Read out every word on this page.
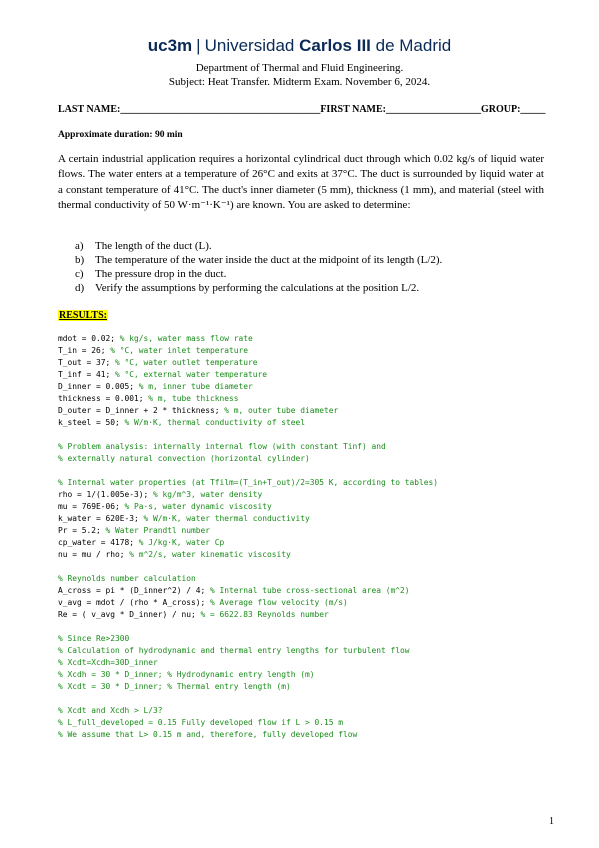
uc3m | Universidad Carlos III de Madrid
Department of Thermal and Fluid Engineering.
Subject: Heat Transfer. Midterm Exam. November 6, 2024.
LAST NAME:________________________________________FIRST NAME:___________________GROUP:_____
Approximate duration: 90 min

A certain industrial application requires a horizontal cylindrical duct through which 0.02 kg/s of liquid water flows. The water enters at a temperature of 26°C and exits at 37°C. The duct is surrounded by liquid water at a constant temperature of 41°C. The duct's inner diameter (5 mm), thickness (1 mm), and material (steel with thermal conductivity of 50 W·m⁻¹·K⁻¹) are known. You are asked to determine:

a)	The length of the duct (L).
b) The temperature of the water inside the duct at the midpoint of its length (L/2).
c)	The pressure drop in the duct.
d) Verify the assumptions by performing the calculations at the position L/2.
RESULTS:
mdot = 0.02; % kg/s, water mass flow rate
T_in = 26; % °C, water inlet temperature
T_out = 37; % °C, water outlet temperature
T_inf = 41; % °C, external water temperature
D_inner = 0.005; % m, inner tube diameter
thickness = 0.001; % m, tube thickness
D_outer = D_inner + 2 * thickness; % m, outer tube diameter
k_steel = 50; % W/m·K, thermal conductivity of steel
% Problem analysis: internally internal flow (with constant Tinf) and
% externally natural convection (horizontal cylinder)
% Internal water properties (at Tfilm=(T_in+T_out)/2=305 K, according to tables)
rho = 1/(1.005e-3); % kg/m^3, water density
mu = 769E-06; % Pa·s, water dynamic viscosity
k_water = 620E-3; % W/m·K, water thermal conductivity
Pr = 5.2; % Water Prandtl number
cp_water = 4178; % J/kg·K, water Cp
nu = mu / rho; % m^2/s, water kinematic viscosity
% Reynolds number calculation
A_cross = pi * (D_inner^2) / 4; % Internal tube cross-sectional area (m^2)
v_avg = mdot / (rho * A_cross); % Average flow velocity (m/s)
Re = ( v_avg * D_inner) / nu; % = 6622.83 Reynolds number
% Since Re>2300
% Calculation of hydrodynamic and thermal entry lengths for turbulent flow
% Xcdt=Xcdh=30D_inner
% Xcdh = 30 * D_inner; % Hydrodynamic entry length (m)
% Xcdt = 30 * D_inner; % Thermal entry length (m)
% Xcdt and Xcdh > L/3?
% L_full_developed = 0.15 Fully developed flow if L > 0.15 m
% We assume that L> 0.15 m and, therefore, fully developed flow
1
